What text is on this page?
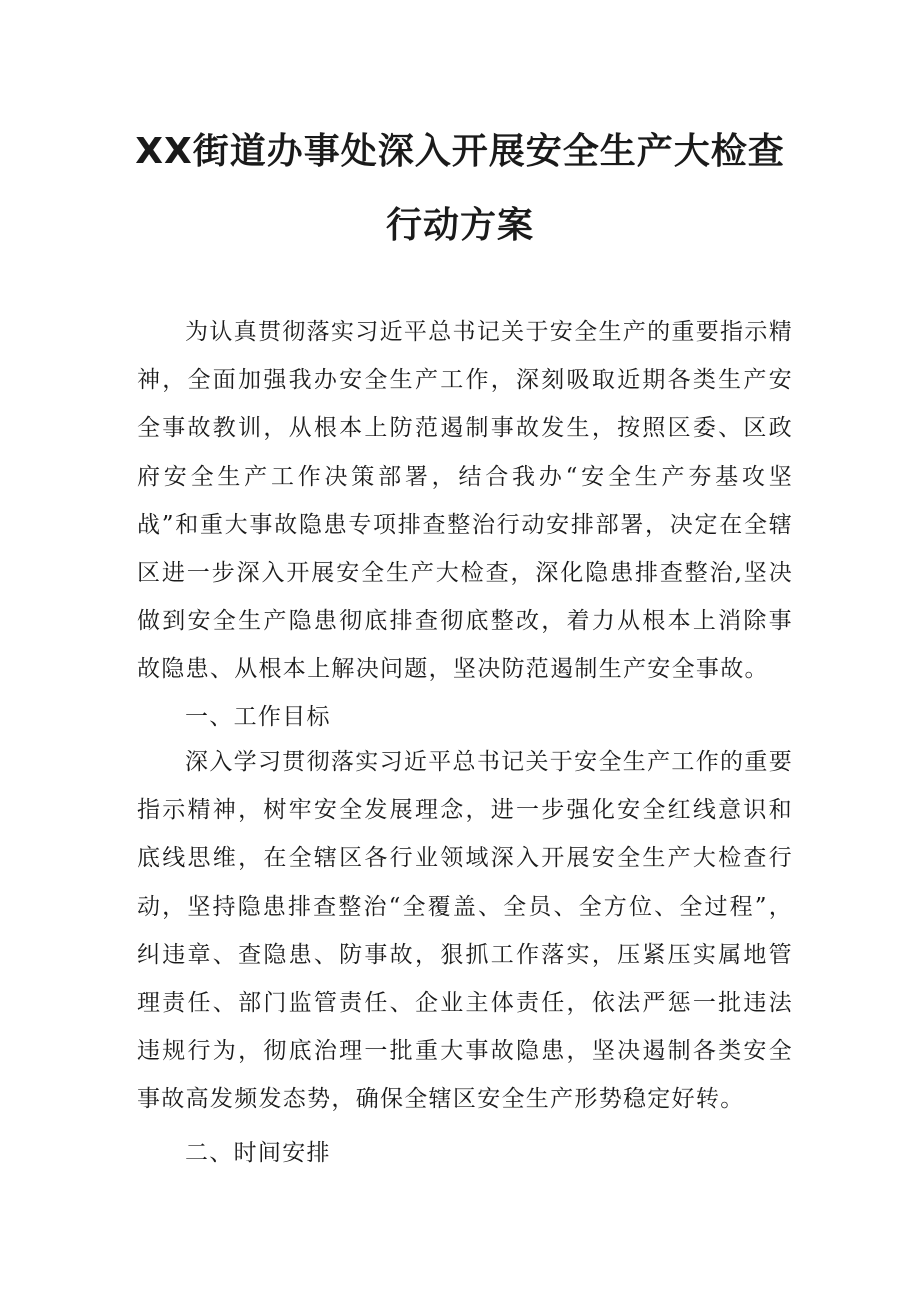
XX街道办事处深入开展安全生产大检查
行动方案

为认真贯彻落实习近平总书记关于安全生产的重要指示精神，全面加强我办安全生产工作，深刻吸取近期各类生产安全事故教训，从根本上防范遏制事故发生，按照区委、区政府安全生产工作决策部署，结合我办“安全生产夯基攻坚战”和重大事故隐患专项排查整治行动安排部署，决定在全辖区进一步深入开展安全生产大检查，深化隐患排查整治,坚决做到安全生产隐患彻底排查彻底整改，着力从根本上消除事故隐患、从根本上解决问题，坚决防范遏制生产安全事故。

一、工作目标

深入学习贯彻落实习近平总书记关于安全生产工作的重要指示精神，树牢安全发展理念，进一步强化安全红线意识和底线思维，在全辖区各行业领域深入开展安全生产大检查行动，坚持隐患排查整治“全覆盖、全员、全方位、全过程”，纠违章、查隐患、防事故，狠抓工作落实，压紧压实属地管理责任、部门监管责任、企业主体责任，依法严惩一批违法违规行为，彻底治理一批重大事故隐患，坚决遏制各类安全事故高发频发态势，确保全辖区安全生产形势稳定好转。

二、时间安排
